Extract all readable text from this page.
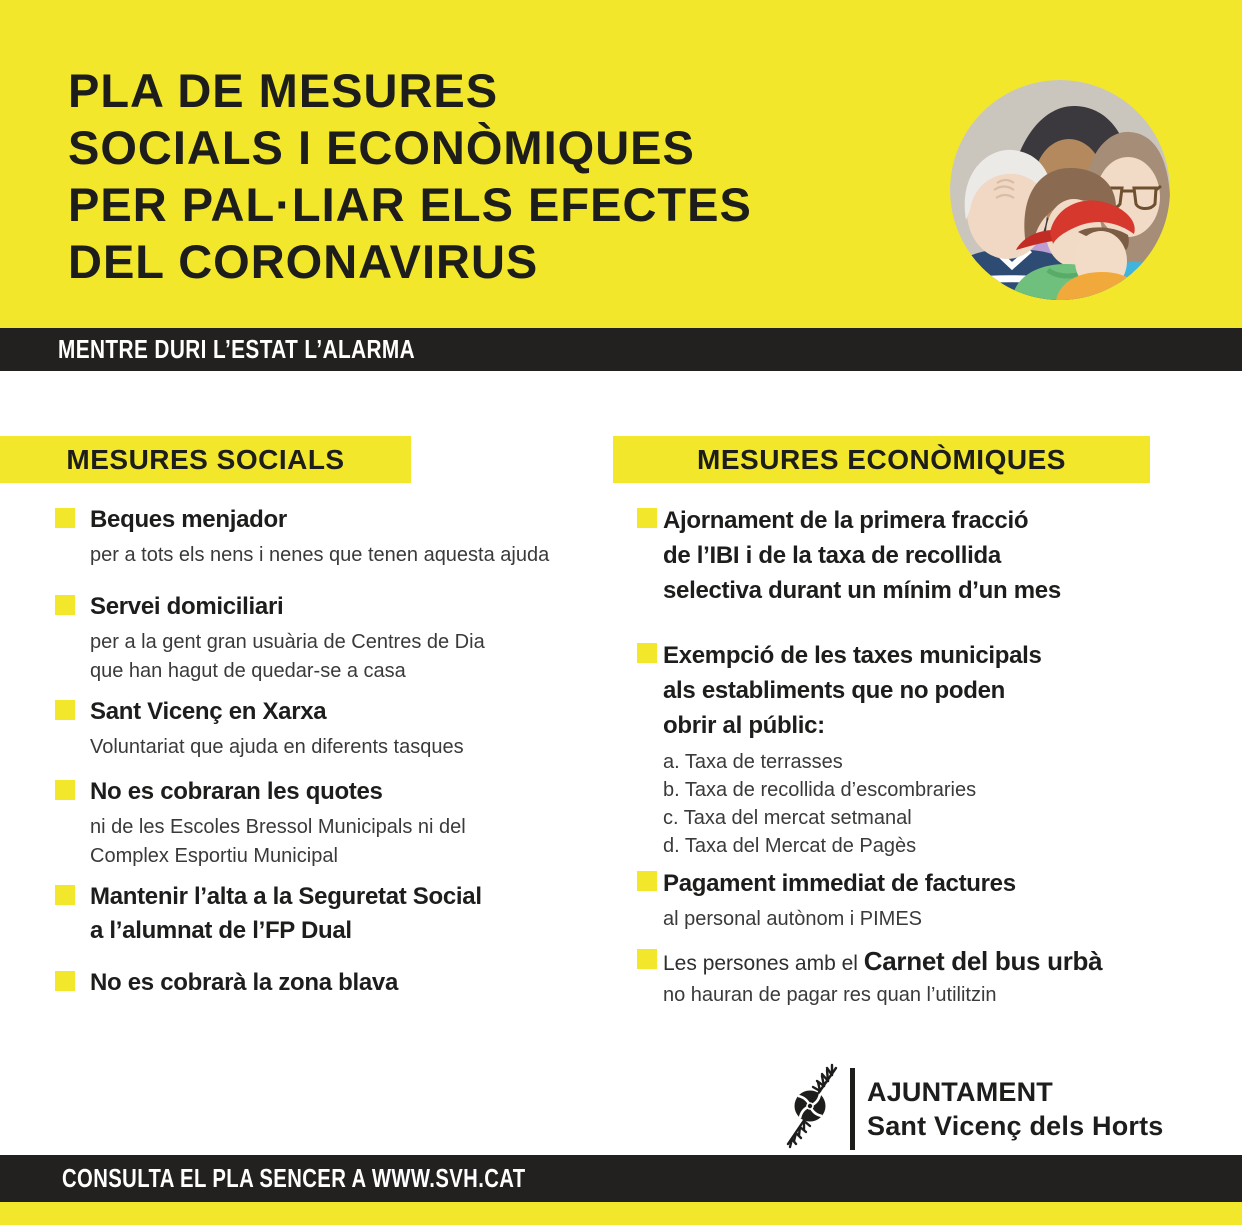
PLA DE MESURES
SOCIALS I ECONÒMIQUES
PER PAL·LIAR ELS EFECTES
DEL CORONAVIRUS
MENTRE DURI L’ESTAT L’ALARMA
MESURES SOCIALS	MESURES ECONÒMIQUES
Beques menjador
per a tots els nens i nenes que tenen aquesta ajuda
Servei domiciliari
per a la gent gran usuària de Centres de Dia
que han hagut de quedar-se a casa
Sant Vicenç en Xarxa
Voluntariat que ajuda en diferents tasques
No es cobraran les quotes
ni de les Escoles Bressol Municipals ni del
Complex Esportiu Municipal
Mantenir l’alta a la Seguretat Social
a l’alumnat de l’FP Dual
No es cobrarà la zona blava
Ajornament de la primera fracció
de l’IBI i de la taxa de recollida
selectiva durant un mínim d’un mes
Exempció de les taxes municipals
als establiments que no poden
obrir al públic:
a. Taxa de terrasses
b. Taxa de recollida d’escombraries
c. Taxa del mercat setmanal
d. Taxa del Mercat de Pagès
Pagament immediat de factures
al personal autònom i PIMES
Les persones amb el Carnet del bus urbà
no hauran de pagar res quan l’utilitzin
AJUNTAMENT
Sant Vicenç dels Horts
CONSULTA EL PLA SENCER A WWW.SVH.CAT
